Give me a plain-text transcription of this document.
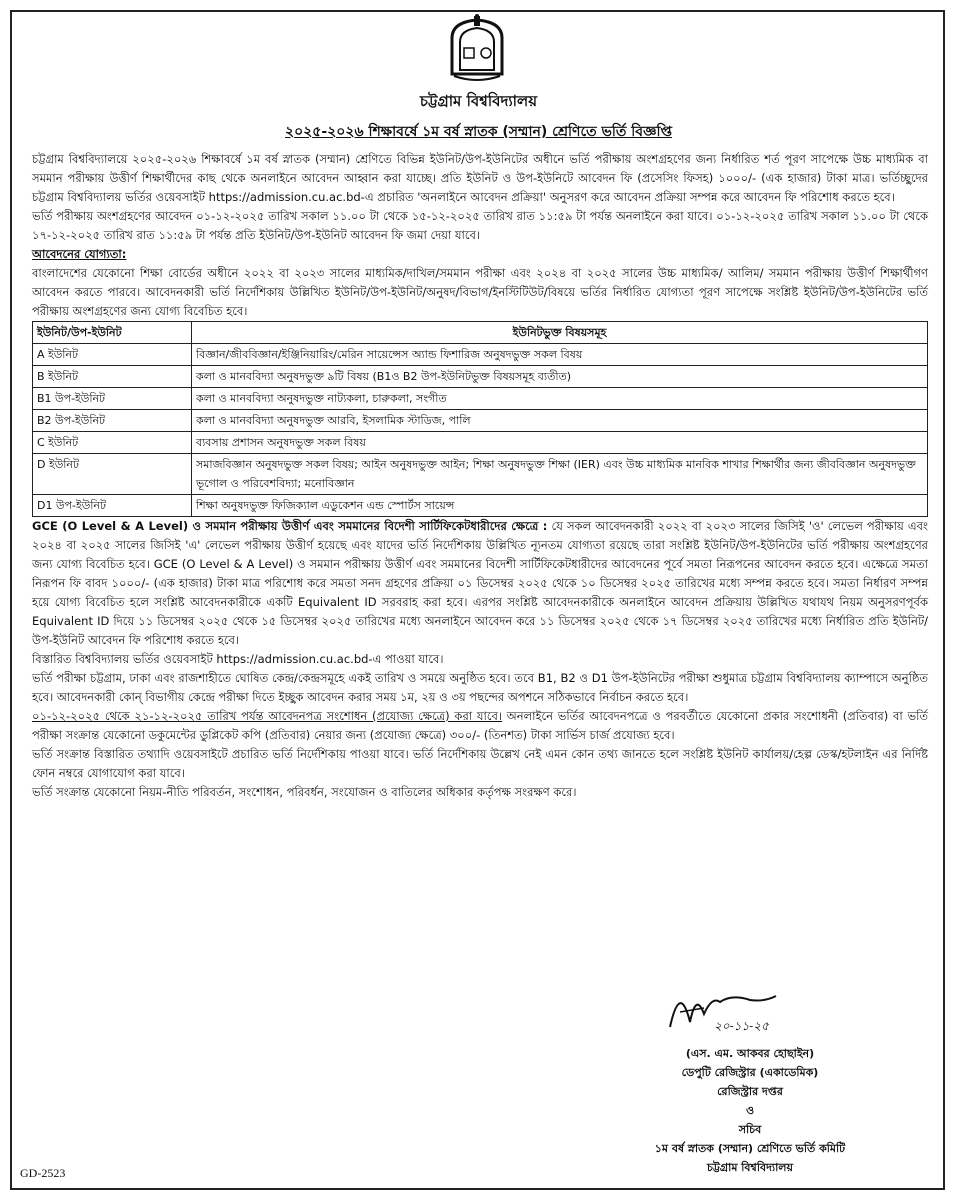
চট্টগ্রাম বিশ্ববিদ্যালয়
২০২৫-২০২৬ শিক্ষাবর্ষে ১ম বর্ষ স্নাতক (সম্মান) শ্রেণিতে ভর্তি বিজ্ঞপ্তি

চট্টগ্রাম বিশ্ববিদ্যালয়ে ২০২৫-২০২৬ শিক্ষাবর্ষে ১ম বর্ষ স্নাতক (সম্মান) শ্রেণিতে বিভিন্ন ইউনিট/উপ-ইউনিটের অধীনে ভর্তি পরীক্ষায় অংশগ্রহণের জন্য নির্ধারিত শর্ত পূরণ সাপেক্ষে উচ্চ মাধ্যমিক বা সমমান পরীক্ষায় উত্তীর্ণ শিক্ষার্থীদের কাছ থেকে অনলাইনে আবেদন আহ্বান করা যাচ্ছে। প্রতি ইউনিট ও উপ-ইউনিটে আবেদন ফি (প্রসেসিং ফিসহ) ১০০০/- (এক হাজার) টাকা মাত্র। ভর্তিচ্ছুদের চট্টগ্রাম বিশ্ববিদ্যালয় ভর্তির ওয়েবসাইট https://admission.cu.ac.bd-এ প্রচারিত 'অনলাইনে আবেদন প্রক্রিয়া' অনুসরণ করে আবেদন প্রক্রিয়া সম্পন্ন করে আবেদন ফি পরিশোধ করতে হবে।

ভর্তি পরীক্ষায় অংশগ্রহণের আবেদন ০১-১২-২০২৫ তারিখ সকাল ১১.০০ টা থেকে ১৫-১২-২০২৫ তারিখ রাত ১১:৫৯ টা পর্যন্ত অনলাইনে করা যাবে। ০১-১২-২০২৫ তারিখ সকাল ১১.০০ টা থেকে ১৭-১২-২০২৫ তারিখ রাত ১১:৫৯ টা পর্যন্ত প্রতি ইউনিট/উপ-ইউনিট আবেদন ফি জমা দেয়া যাবে।

আবেদনের যোগ্যতা:

বাংলাদেশের যেকোনো শিক্ষা বোর্ডের অধীনে ২০২২ বা ২০২৩ সালের মাধ্যমিক/দাখিল/সমমান পরীক্ষা এবং ২০২৪ বা ২০২৫ সালের উচ্চ মাধ্যমিক/ আলিম/ সমমান পরীক্ষায় উত্তীর্ণ শিক্ষার্থীগণ আবেদন করতে পারবে। আবেদনকারী ভর্তি নির্দেশিকায় উল্লিখিত ইউনিট/উপ-ইউনিট/অনুষদ/বিভাগ/ইনস্টিটিউট/বিষয়ে ভর্তির নির্ধারিত যোগ্যতা পূরণ সাপেক্ষে সংশ্লিষ্ট ইউনিট/উপ-ইউনিটের ভর্তি পরীক্ষায় অংশগ্রহণের জন্য যোগ্য বিবেচিত হবে।

ইউনিট/উপ-ইউনিট	ইউনিটভুক্ত বিষয়সমূহ
A ইউনিট	বিজ্ঞান/জীববিজ্ঞান/ইঞ্জিনিয়ারিং/মেরিন সায়েন্সেস অ্যান্ড ফিশারিজ অনুষদভুক্ত সকল বিষয়
B ইউনিট	কলা ও মানববিদ্যা অনুষদভুক্ত ৯টি বিষয় (B1ও B2 উপ-ইউনিটভুক্ত বিষয়সমূহ ব্যতীত)
B1 উপ-ইউনিট	কলা ও মানববিদ্যা অনুষদভুক্ত নাট্যকলা, চারুকলা, সংগীত
B2 উপ-ইউনিট	কলা ও মানববিদ্যা অনুষদভুক্ত আরবি, ইসলামিক স্টাডিজ, পালি
C ইউনিট	ব্যবসায় প্রশাসন অনুষদভুক্ত সকল বিষয়
D ইউনিট	সমাজবিজ্ঞান অনুষদভুক্ত সকল বিষয়; আইন অনুষদভুক্ত আইন; শিক্ষা অনুষদভুক্ত শিক্ষা (IER) এবং উচ্চ মাধ্যমিক মানবিক শাখার শিক্ষার্থীর জন্য জীববিজ্ঞান অনুষদভুক্ত ভূগোল ও পরিবেশবিদ্যা; মনোবিজ্ঞান
D1 উপ-ইউনিট	শিক্ষা অনুষদভুক্ত ফিজিক্যাল এডুকেশন এন্ড স্পোর্টস সায়েন্স

GCE (O Level & A Level) ও সমমান পরীক্ষায় উত্তীর্ণ এবং সমমানের বিদেশী সার্টিফিকেটধারীদের ক্ষেত্রে : যে সকল আবেদনকারী ২০২২ বা ২০২৩ সালের জিসিই 'ও' লেভেল পরীক্ষায় এবং ২০২৪ বা ২০২৫ সালের জিসিই 'এ' লেভেল পরীক্ষায় উত্তীর্ণ হয়েছে এবং যাদের ভর্তি নির্দেশিকায় উল্লিখিত ন্যূনতম যোগ্যতা রয়েছে তারা সংশ্লিষ্ট ইউনিট/উপ-ইউনিটের ভর্তি পরীক্ষায় অংশগ্রহণের জন্য যোগ্য বিবেচিত হবে। GCE (O Level & A Level) ও সমমান পরীক্ষায় উত্তীর্ণ এবং সমমানের বিদেশী সার্টিফিকেটধারীদের আবেদনের পূর্বে সমতা নিরূপনের আবেদন করতে হবে। এক্ষেত্রে সমতা নিরূপন ফি বাবদ ১০০০/- (এক হাজার) টাকা মাত্র পরিশোধ করে সমতা সনদ গ্রহণের প্রক্রিয়া ০১ ডিসেম্বর ২০২৫ থেকে ১০ ডিসেম্বর ২০২৫ তারিখের মধ্যে সম্পন্ন করতে হবে। সমতা নির্ধারণ সম্পন্ন হয়ে যোগ্য বিবেচিত হলে সংশ্লিষ্ট আবেদনকারীকে একটি Equivalent ID সরবরাহ করা হবে। এরপর সংশ্লিষ্ট আবেদনকারীকে অনলাইনে আবেদন প্রক্রিয়ায় উল্লিখিত যথাযথ নিয়ম অনুসরণপূর্বক Equivalent ID দিয়ে ১১ ডিসেম্বর ২০২৫ থেকে ১৫ ডিসেম্বর ২০২৫ তারিখের মধ্যে অনলাইনে আবেদন করে ১১ ডিসেম্বর ২০২৫ থেকে ১৭ ডিসেম্বর ২০২৫ তারিখের মধ্যে নির্ধারিত প্রতি ইউনিট/উপ-ইউনিট আবেদন ফি পরিশোধ করতে হবে।

বিস্তারিত বিশ্ববিদ্যালয় ভর্তির ওয়েবসাইট https://admission.cu.ac.bd-এ পাওয়া যাবে।

ভর্তি পরীক্ষা চট্টগ্রাম, ঢাকা এবং রাজশাহীতে ঘোষিত কেন্দ্র/কেন্দ্রসমূহে একই তারিখ ও সময়ে অনুষ্ঠিত হবে। তবে B1, B2 ও D1 উপ-ইউনিটের পরীক্ষা শুধুমাত্র চট্টগ্রাম বিশ্ববিদ্যালয় ক্যাম্পাসে অনুষ্ঠিত হবে। আবেদনকারী কোন্ বিভাগীয় কেন্দ্রে পরীক্ষা দিতে ইচ্ছুক আবেদন করার সময় ১ম, ২য় ও ৩য় পছন্দের অপশনে সঠিকভাবে নির্বাচন করতে হবে।

০১-১২-২০২৫ থেকে ২১-১২-২০২৫ তারিখ পর্যন্ত আবেদনপত্র সংশোধন (প্রযোজ্য ক্ষেত্রে) করা যাবে। অনলাইনে ভর্তির আবেদনপত্রে ও পরবর্তীতে যেকোনো প্রকার সংশোধনী (প্রতিবার) বা ভর্তি পরীক্ষা সংক্রান্ত যেকোনো ডকুমেন্টের ডুপ্লিকেট কপি (প্রতিবার) নেয়ার জন্য (প্রযোজ্য ক্ষেত্রে) ৩০০/- (তিনশত) টাকা সার্ভিস চার্জ প্রযোজ্য হবে।

ভর্তি সংক্রান্ত বিস্তারিত তথ্যাদি ওয়েবসাইটে প্রচারিত ভর্তি নির্দেশিকায় পাওয়া যাবে। ভর্তি নির্দেশিকায় উল্লেখ নেই এমন কোন তথ্য জানতে হলে সংশ্লিষ্ট ইউনিট কার্যালয়/হেল্প ডেস্ক/হটলাইন এর নির্দিষ্ট ফোন নম্বরে যোগাযোগ করা যাবে।

ভর্তি সংক্রান্ত যেকোনো নিয়ম-নীতি পরিবর্তন, সংশোধন, পরিবর্ধন, সংযোজন ও বাতিলের অধিকার কর্তৃপক্ষ সংরক্ষণ করে।

২০-১১-২৫
(এস. এম. আকবর হোছাইন)
ডেপুটি রেজিস্ট্রার (একাডেমিক)
রেজিস্ট্রার দপ্তর
ও
সচিব
১ম বর্ষ স্নাতক (সম্মান) শ্রেণিতে ভর্তি কমিটি
চট্টগ্রাম বিশ্ববিদ্যালয়
GD-2523
